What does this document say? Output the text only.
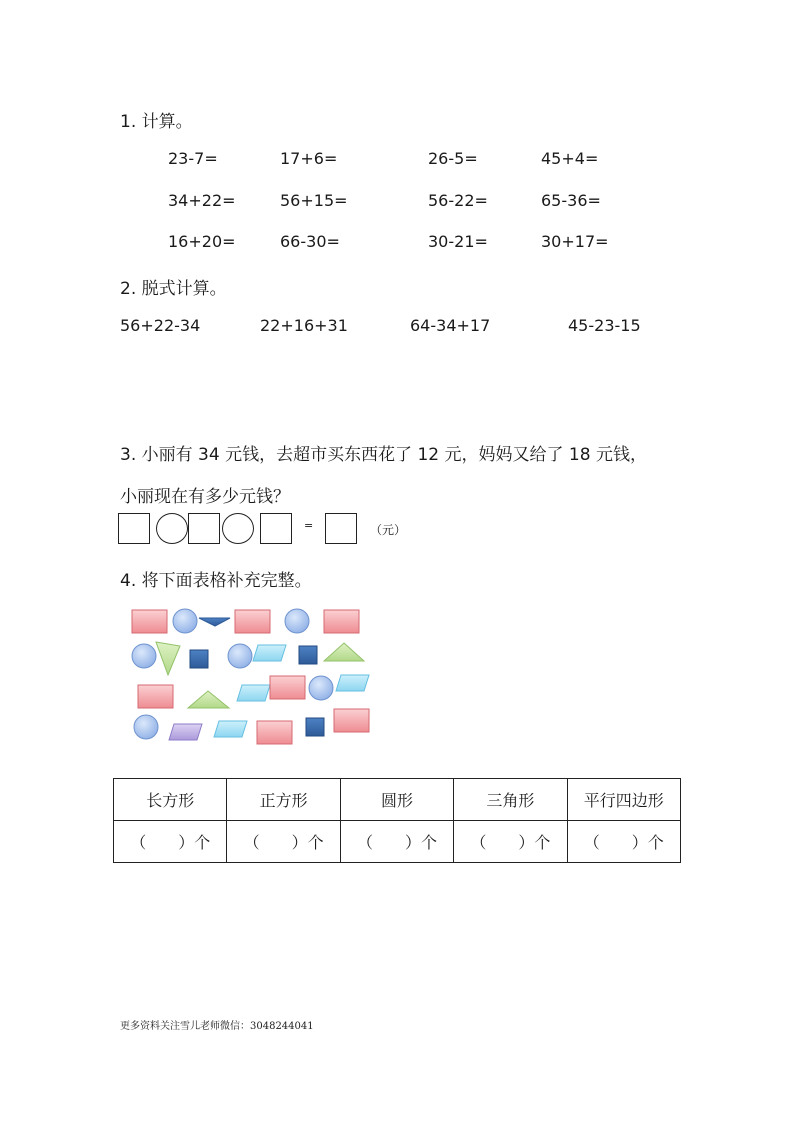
1. 计算。
23-7=	17+6=	26-5=	45+4=
34+22=	56+15=	56-22=	65-36=
16+20=	66-30=	30-21=	30+17=
2. 脱式计算。
56+22-34	22+16+31	64-34+17	45-23-15
3. 小丽有 34 元钱，去超市买东西花了 12 元，妈妈又给了 18 元钱，
小丽现在有多少元钱？
=	（元）
4. 将下面表格补充完整。
长方形	正方形	圆形	三角形	平行四边形
（　　）个	（　　）个	（　　）个	（　　）个	（　　）个
更多资料关注雪儿老师微信：3048244041
